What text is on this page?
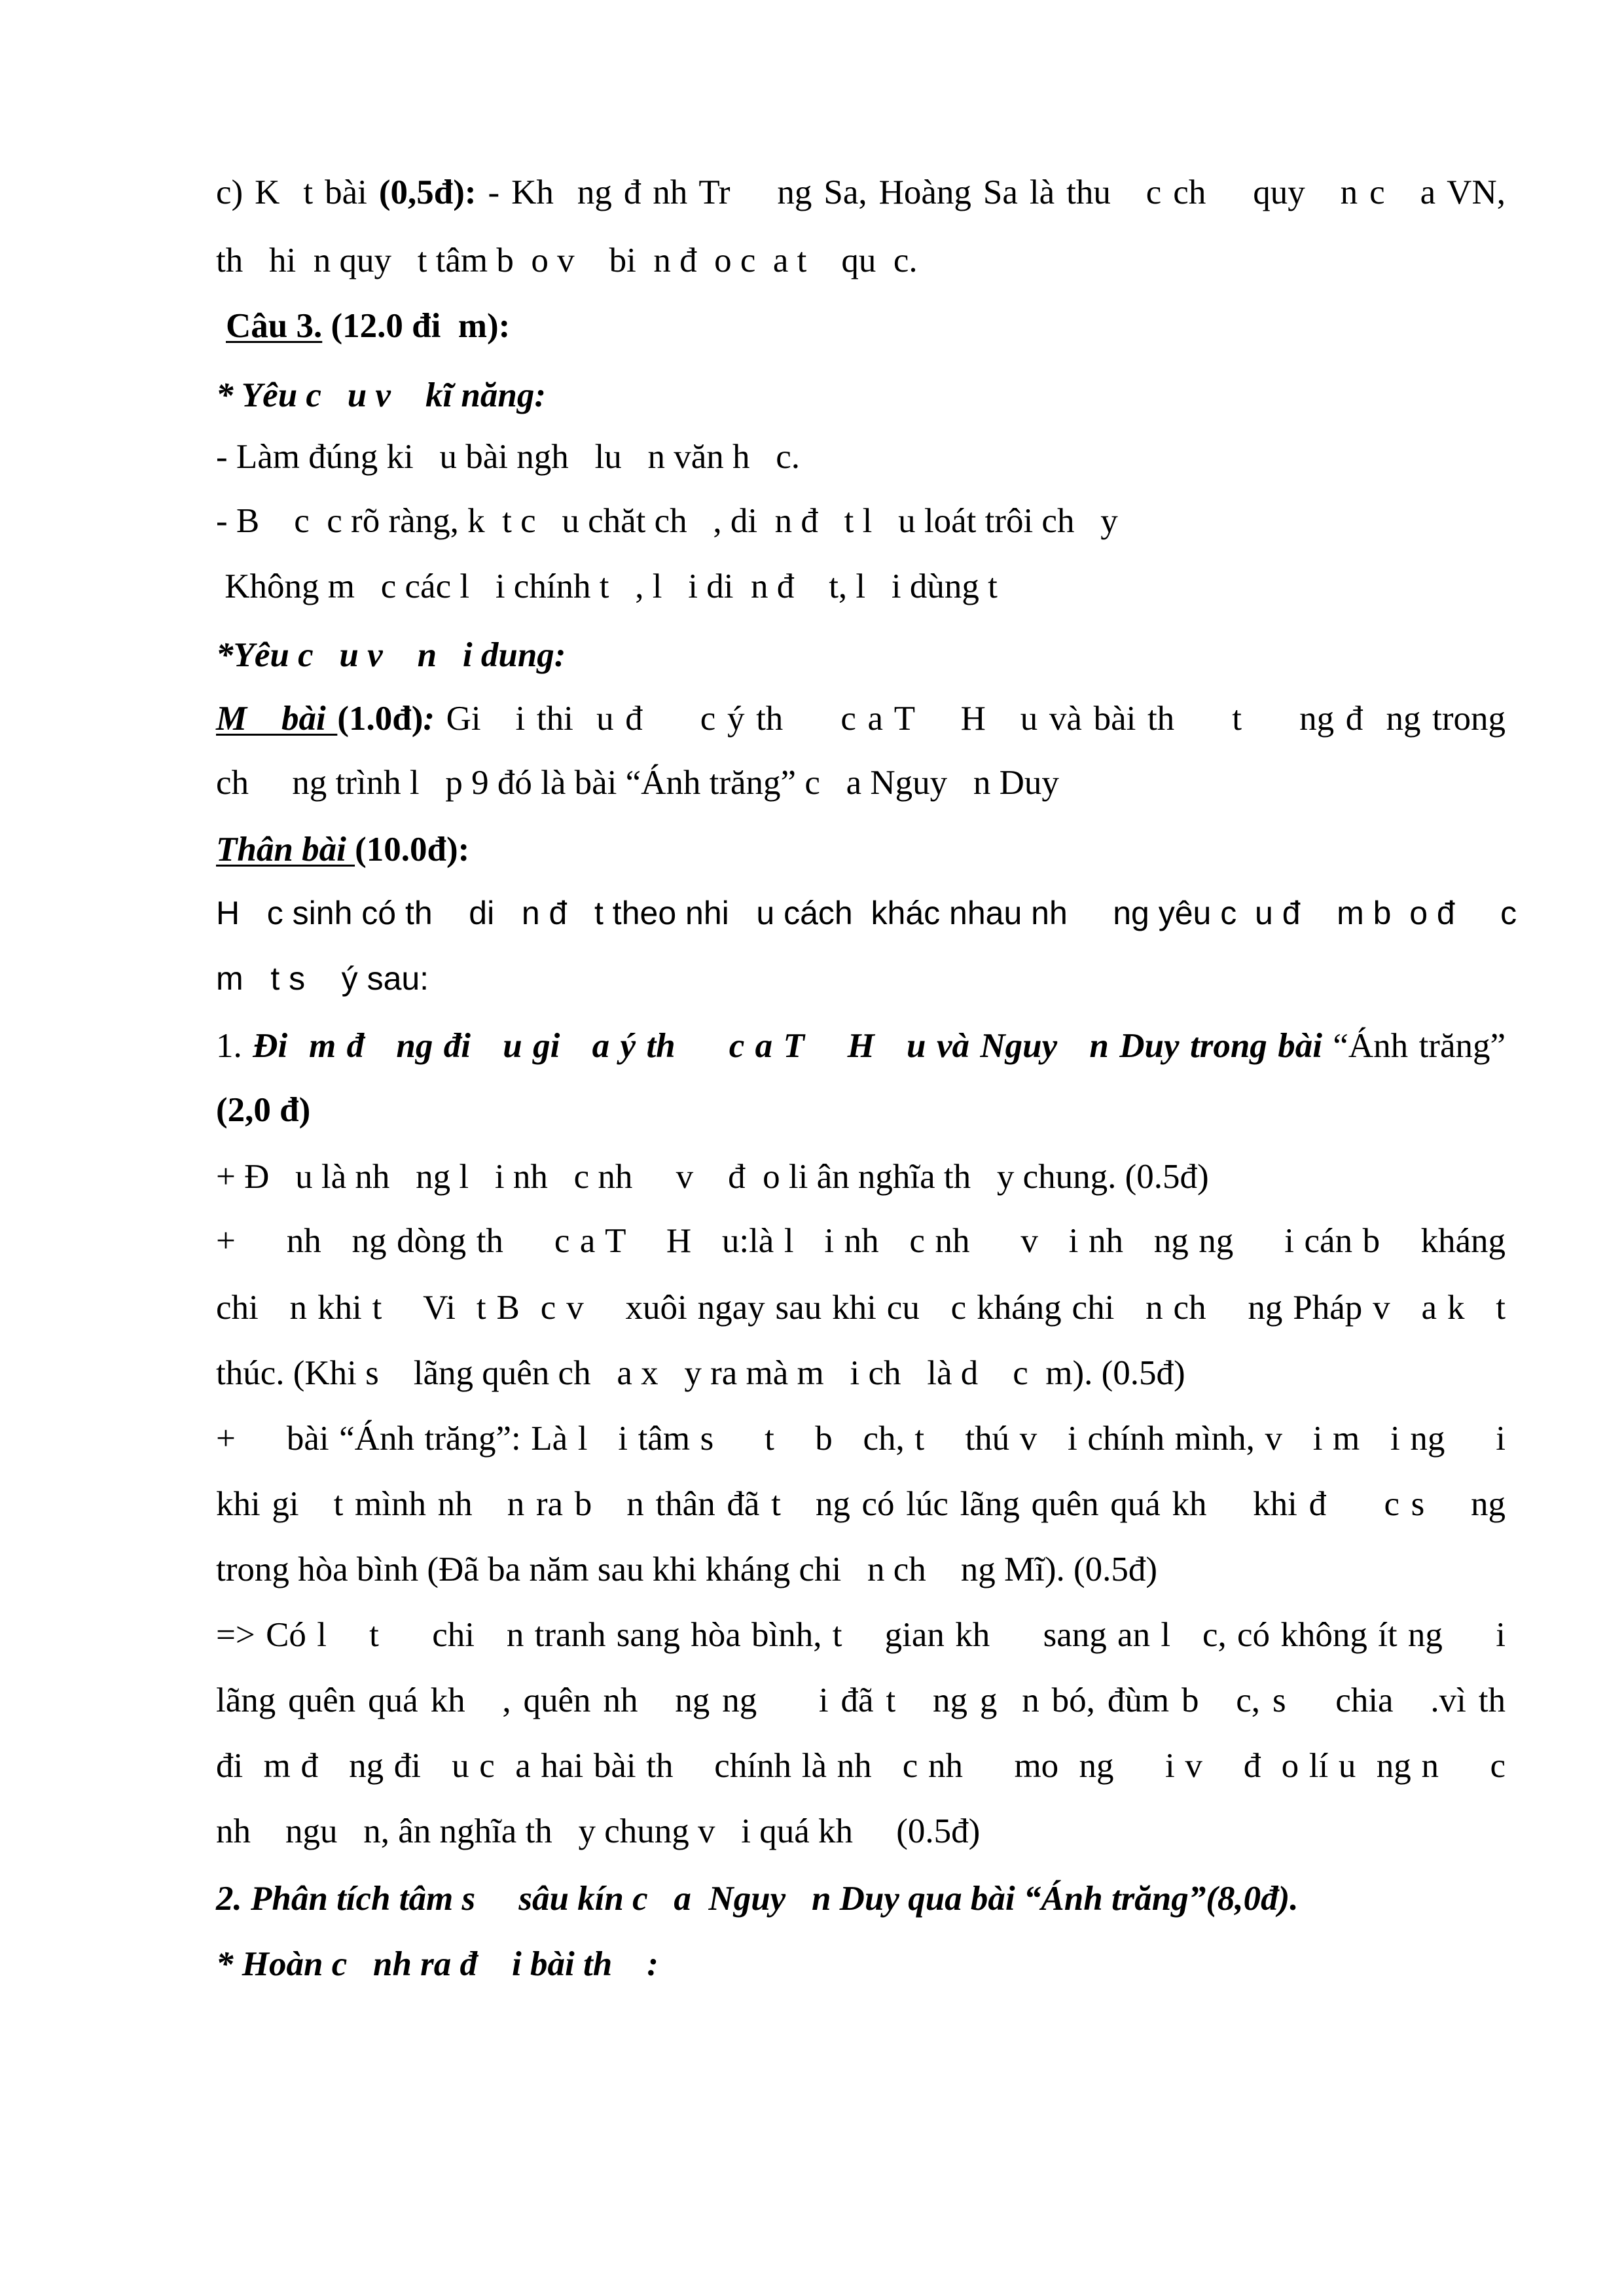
c) K  t bài (0,5đ): - Kh  ng đ nh Tr    ng Sa, Hoàng Sa là thu   c ch    quy   n c   a VN,
th   hi  n quy   t tâm b  o v    bi  n đ  o c  a t    qu  c.
Câu 3. (12.0 đi  m):
* Yêu c   u v    kĩ năng:
- Làm đúng ki   u bài ngh   lu   n văn h   c.
- B    c  c rõ ràng, k  t c   u chăt ch   , di  n đ   t l   u loát trôi ch   y
Không m   c các l   i chính t   , l   i di  n đ    t, l   i dùng t
*Yêu c   u v    n   i dung:
M   bài (1.0đ): Gi   i thi  u đ     c ý th     c a T    H   u và bài th     t     ng đ  ng trong
ch     ng trình l   p 9 đó là bài “Ánh trăng” c   a Nguy   n Duy
Thân bài (10.0đ):
H   c sinh có th    di   n đ   t theo nhi   u cách  khác nhau nh     ng yêu c  u đ    m b  o đ     c
m   t s    ý sau:
1. Đi  m đ   ng đi   u gi   a ý th     c a T    H   u và Nguy   n Duy trong bài “Ánh trăng”
(2,0 đ)
+ Đ   u là nh   ng l   i nh   c nh     v    đ  o li ân nghĩa th   y chung. (0.5đ)
+     nh   ng dòng th     c a T    H   u:là l   i nh   c nh     v   i nh   ng ng     i cán b    kháng
chi   n khi t    Vi  t B  c v    xuôi ngay sau khi cu   c kháng chi   n ch    ng Pháp v   a k   t
thúc. (Khi s    lãng quên ch   a x   y ra mà m   i ch   là d    c  m). (0.5đ)
+     bài “Ánh trăng”: Là l   i tâm s     t    b   ch, t    thú v   i chính mình, v   i m   i ng     i
khi gi   t mình nh   n ra b   n thân đã t   ng có lúc lãng quên quá kh    khi đ     c s    ng
trong hòa bình (Đã ba năm sau khi kháng chi   n ch    ng Mĩ). (0.5đ)
=> Có l    t     chi   n tranh sang hòa bình, t    gian kh     sang an l   c, có không ít ng     i
lãng quên quá kh   , quên nh   ng ng     i đã t   ng g  n bó, đùm b   c, s    chia   .vì th
đi  m đ   ng đi   u c  a hai bài th    chính là nh   c nh     mo  ng     i v    đ  o lí u  ng n     c
nh    ngu   n, ân nghĩa th   y chung v   i quá kh     (0.5đ)
2. Phân tích tâm s     sâu kín c   a  Nguy   n Duy qua bài “Ánh trăng”(8,0đ).
* Hoàn c   nh ra đ    i bài th    :
